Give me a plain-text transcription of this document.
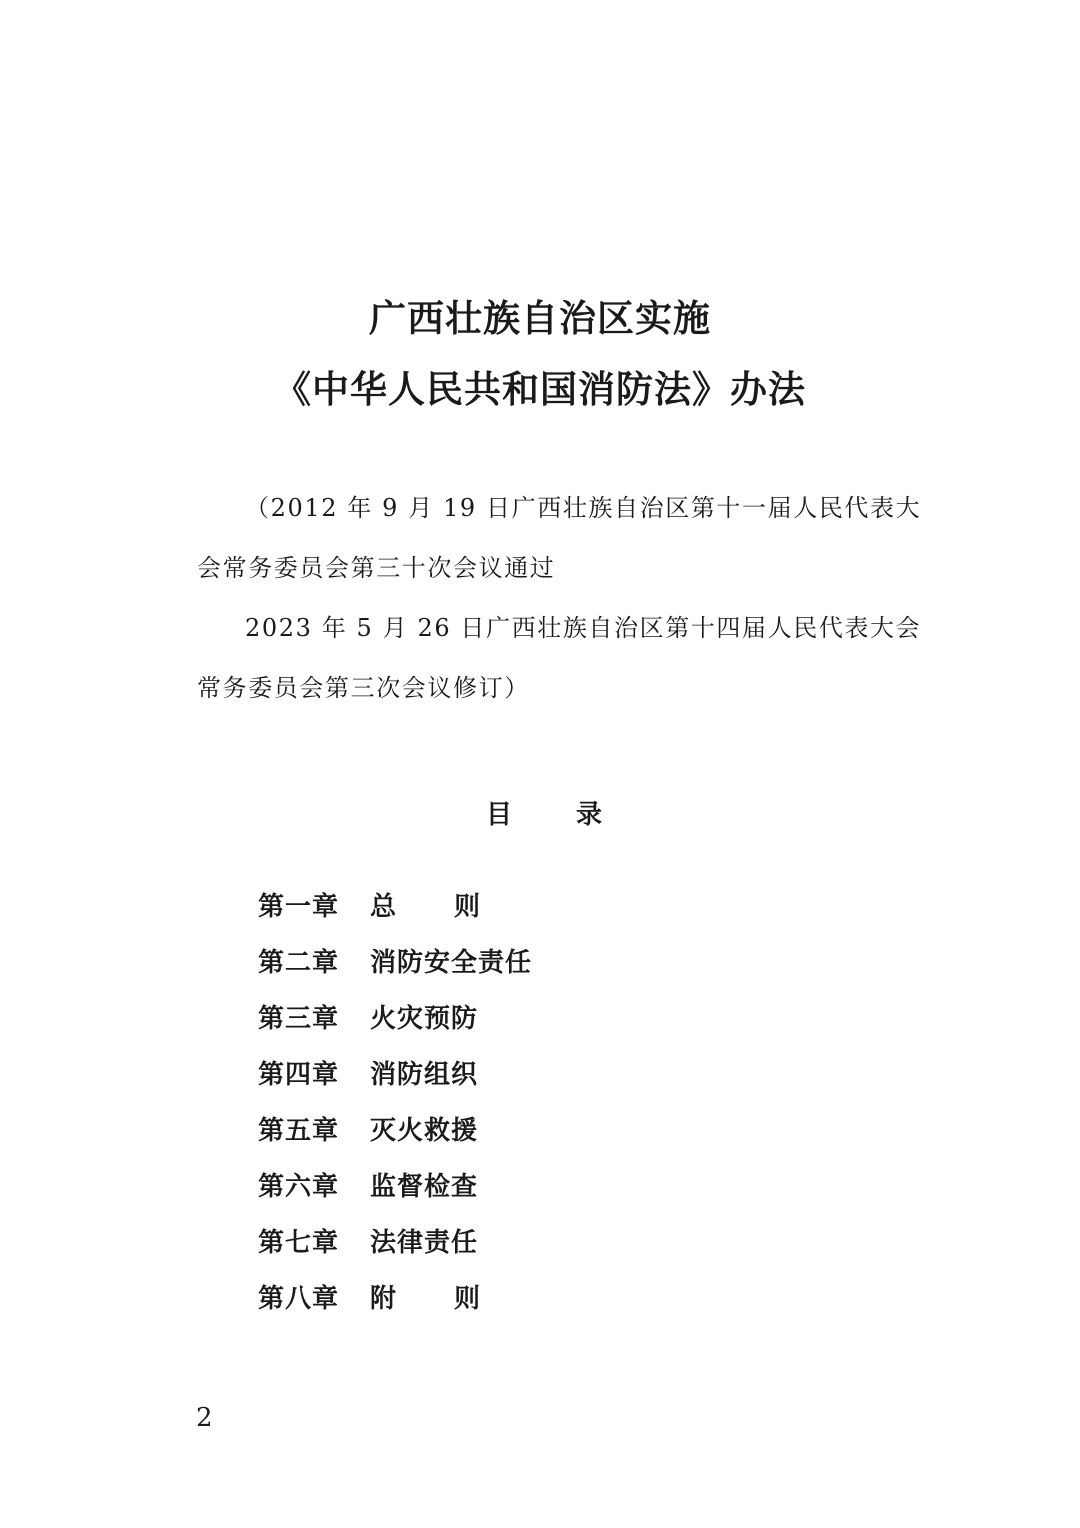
广西壮族自治区实施
《中华人民共和国消防法》办法
（2012 年 9 月 19 日广西壮族自治区第十一届人民代表大
会常务委员会第三十次会议通过
2023 年 5 月 26 日广西壮族自治区第十四届人民代表大会
常务委员会第三次会议修订）
目录
第一章	总则
第二章	消防安全责任
第三章	火灾预防
第四章	消防组织
第五章	灭火救援
第六章	监督检查
第七章	法律责任
第八章	附则
2
